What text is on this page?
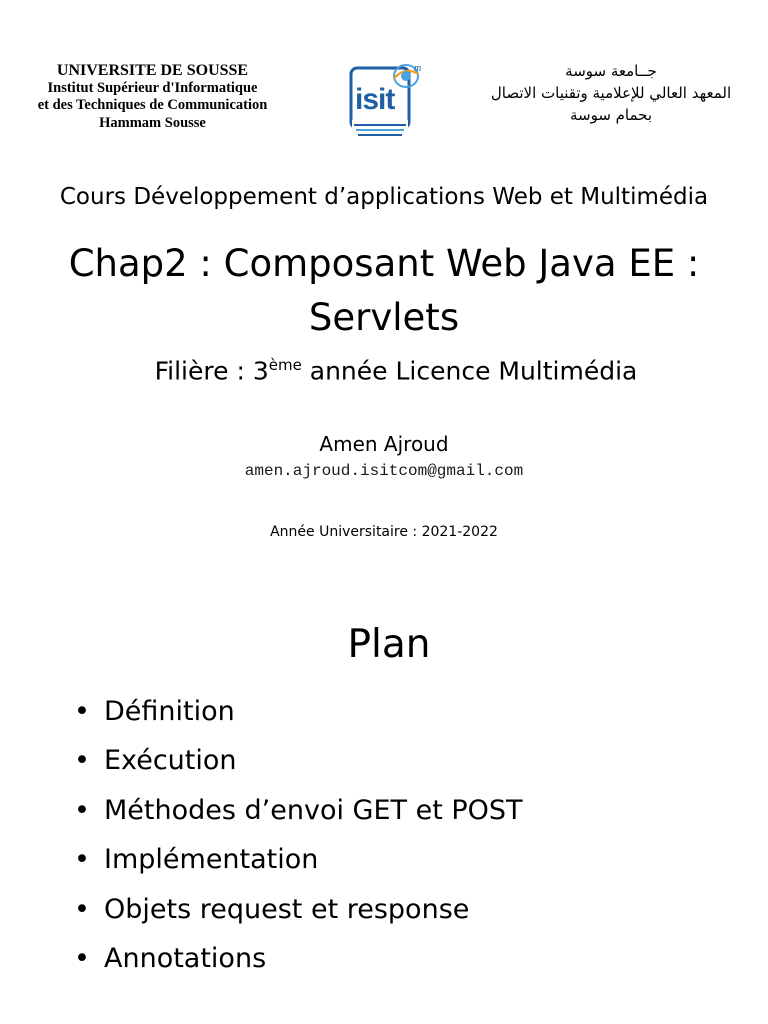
UNIVERSITE DE SOUSSE
Institut Supérieur d'Informatique
et des Techniques de Communication
Hammam Sousse
m
isit
جــامعة سوسة
المعهد العالي للإعلامية وتقنيات الاتصال
بحمام سوسة
Cours Développement d’applications Web et Multimédia
Chap2 : Composant Web Java EE :
Servlets
Filière : 3ème année Licence Multimédia
Amen Ajroud
amen.ajroud.isitcom@gmail.com
Année Universitaire : 2021-2022
Plan
• Définition
• Exécution
• Méthodes d’envoi GET et POST
• Implémentation
• Objets request et response
• Annotations
